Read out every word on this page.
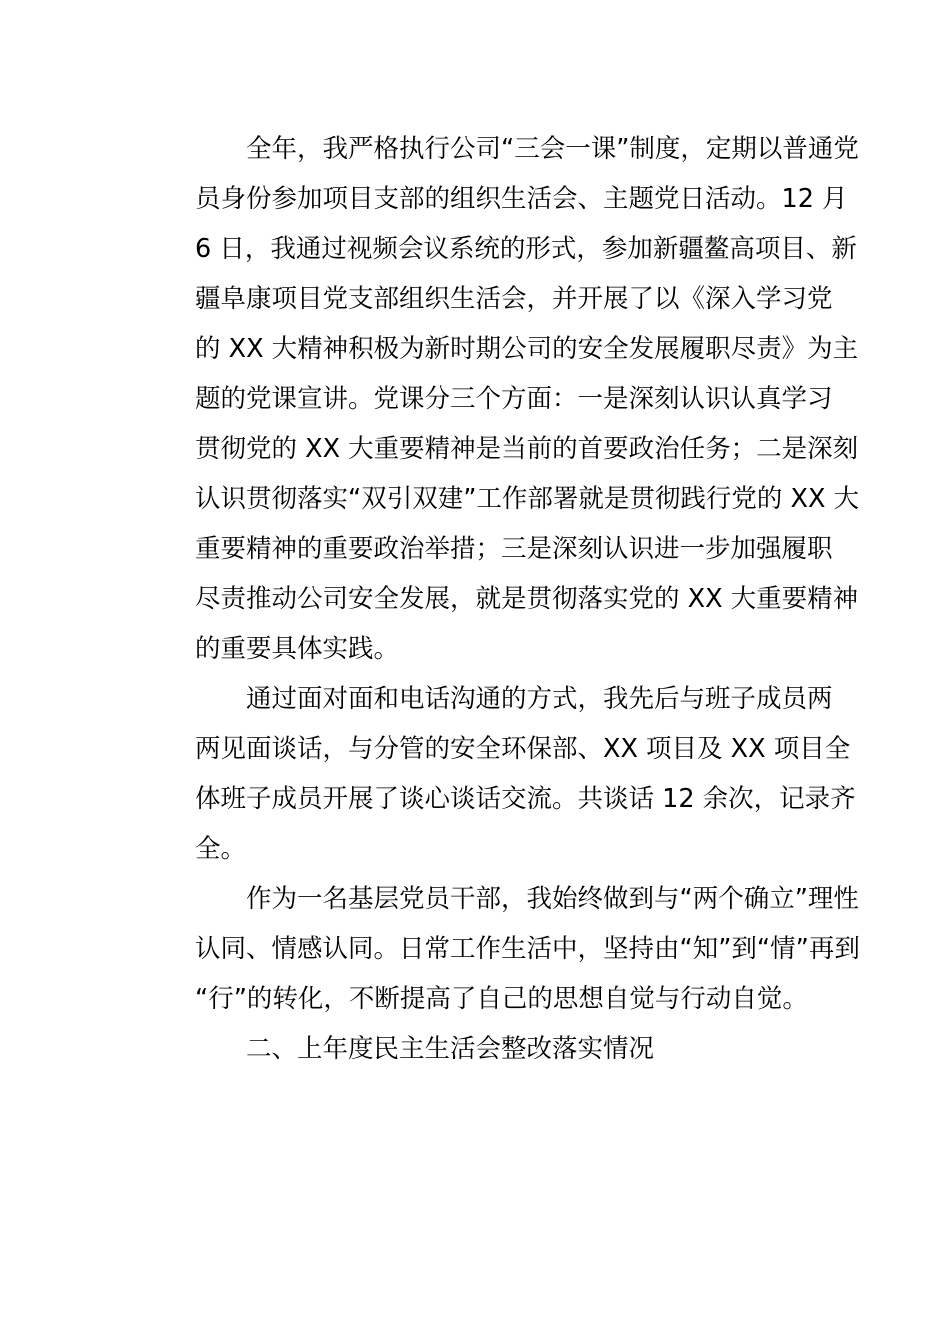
全年，我严格执行公司“三会一课”制度，定期以普通党
员身份参加项目支部的组织生活会、主题党日活动。12 月
6 日，我通过视频会议系统的形式，参加新疆鳌高项目、新
疆阜康项目党支部组织生活会，并开展了以《深入学习党
的 XX 大精神积极为新时期公司的安全发展履职尽责》为主
题的党课宣讲。党课分三个方面：一是深刻认识认真学习
贯彻党的 XX 大重要精神是当前的首要政治任务；二是深刻
认识贯彻落实“双引双建”工作部署就是贯彻践行党的 XX 大
重要精神的重要政治举措；三是深刻认识进一步加强履职
尽责推动公司安全发展，就是贯彻落实党的 XX 大重要精神
的重要具体实践。
通过面对面和电话沟通的方式，我先后与班子成员两
两见面谈话，与分管的安全环保部、XX 项目及 XX 项目全
体班子成员开展了谈心谈话交流。共谈话 12 余次，记录齐
全。
作为一名基层党员干部，我始终做到与“两个确立”理性
认同、情感认同。日常工作生活中，坚持由“知”到“情”再到
“行”的转化，不断提高了自己的思想自觉与行动自觉。
二、上年度民主生活会整改落实情况
